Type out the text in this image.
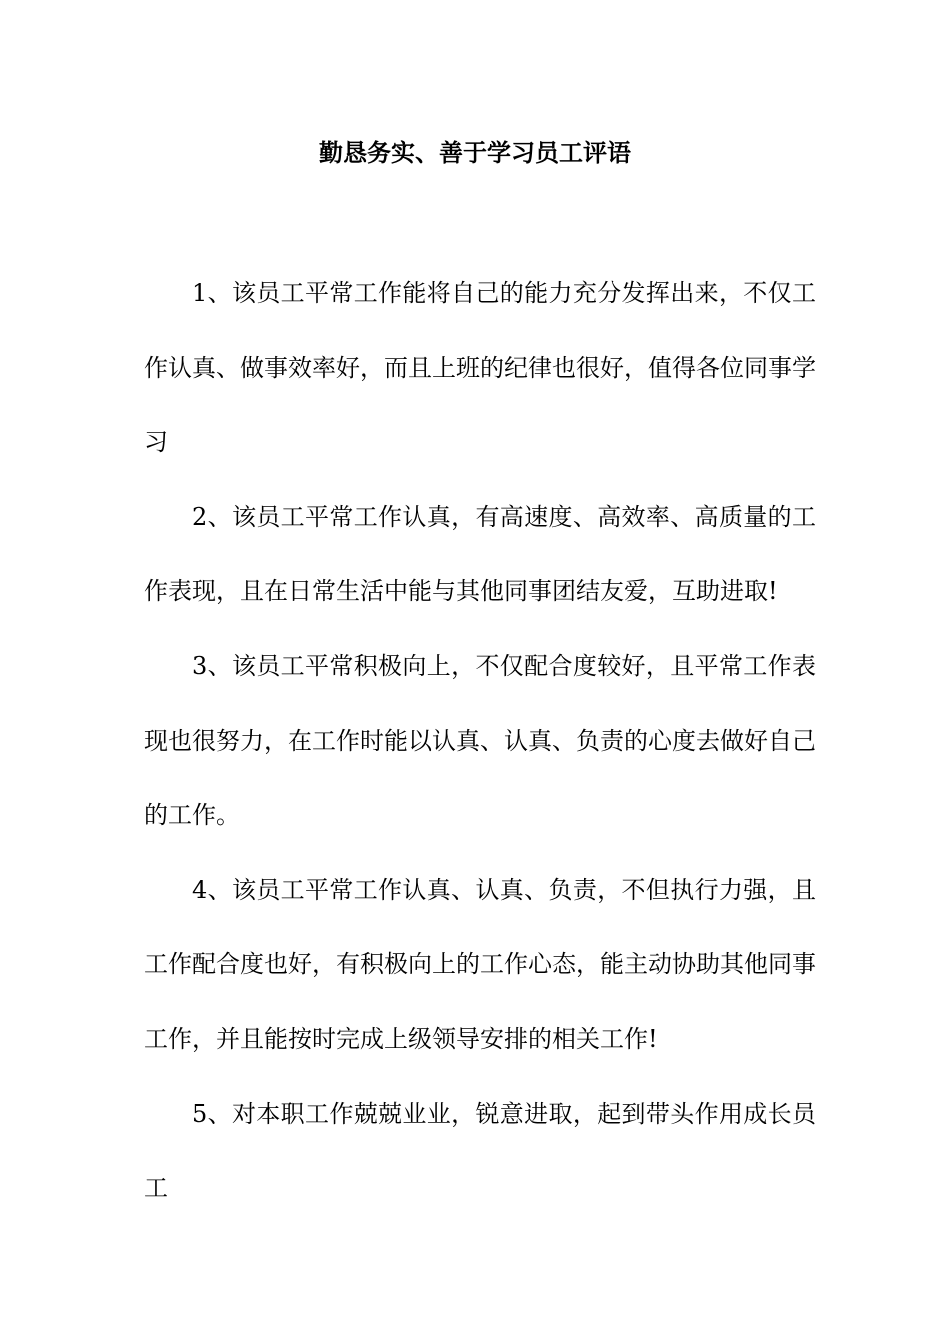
勤恳务实、善于学习员工评语

1、该员工平常工作能将自己的能力充分发挥出来，不仅工作认真、做事效率好，而且上班的纪律也很好，值得各位同事学习

2、该员工平常工作认真，有高速度、高效率、高质量的工作表现，且在日常生活中能与其他同事团结友爱，互助进取!

3、该员工平常积极向上，不仅配合度较好，且平常工作表现也很努力，在工作时能以认真、认真、负责的心度去做好自己的工作。

4、该员工平常工作认真、认真、负责，不但执行力强，且工作配合度也好，有积极向上的工作心态，能主动协助其他同事工作，并且能按时完成上级领导安排的相关工作!

5、对本职工作兢兢业业，锐意进取，起到带头作用成长员工
